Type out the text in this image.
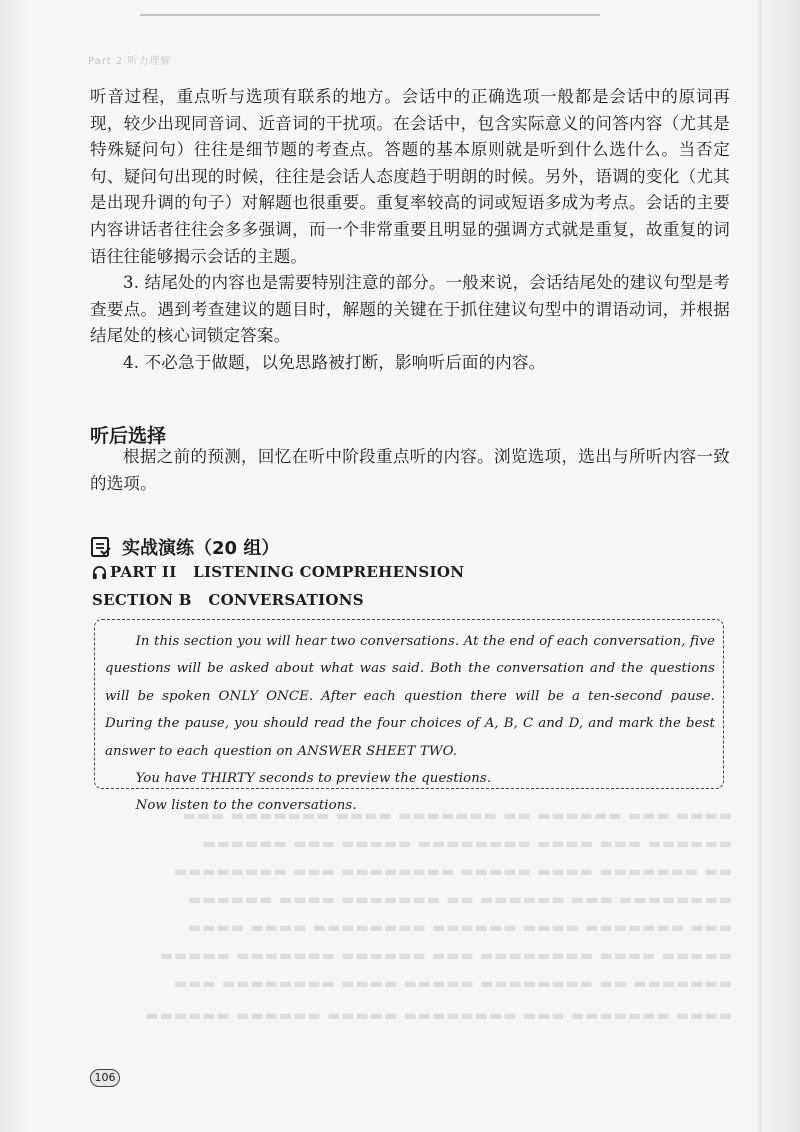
Part 2 听力理解

听音过程，重点听与选项有联系的地方。会话中的正确选项一般都是会话中的原词再现，较少出现同音词、近音词的干扰项。在会话中，包含实际意义的问答内容（尤其是特殊疑问句）往往是细节题的考查点。答题的基本原则就是听到什么选什么。当否定句、疑问句出现的时候，往往是会话人态度趋于明朗的时候。另外，语调的变化（尤其是出现升调的句子）对解题也很重要。重复率较高的词或短语多成为考点。会话的主要内容讲话者往往会多多强调，而一个非常重要且明显的强调方式就是重复，故重复的词语往往能够揭示会话的主题。

3. 结尾处的内容也是需要特别注意的部分。一般来说，会话结尾处的建议句型是考查要点。遇到考查建议的题目时，解题的关键在于抓住建议句型中的谓语动词，并根据结尾处的核心词锁定答案。

4. 不必急于做题，以免思路被打断，影响听后面的内容。

听后选择

根据之前的预测，回忆在听中阶段重点听的内容。浏览选项，选出与所听内容一致的选项。

实战演练（20 组）
PART II   LISTENING COMPREHENSION
SECTION B   CONVERSATIONS

In this section you will hear two conversations. At the end of each conversation, five questions will be asked about what was said. Both the conversation and the questions will be spoken ONLY ONCE. After each question there will be a ten-second pause. During the pause, you should read the four choices of A, B, C and D, and mark the best answer to each question on ANSWER SHEET TWO.

You have THIRTY seconds to preview the questions.

Now listen to the conversations.

▬▬▬▬ ▬▬▬ ▬▬▬▬▬▬ ▬▬ ▬▬▬▬▬▬▬ ▬▬▬▬ ▬▬▬▬▬▬▬ ▬▬▬
▬▬▬▬▬▬ ▬▬▬ ▬▬▬▬ ▬▬▬▬▬▬▬▬ ▬▬▬▬▬ ▬▬▬ ▬▬▬▬▬▬
▬▬ ▬▬▬▬▬▬▬ ▬▬▬▬ ▬▬▬▬▬ ▬▬▬▬▬▬▬▬ ▬▬▬ ▬▬▬▬▬▬▬▬
▬▬▬▬▬▬▬▬ ▬▬▬ ▬▬▬▬▬▬ ▬▬ ▬▬▬▬▬▬▬ ▬▬▬▬ ▬▬▬▬▬▬
▬▬▬ ▬▬▬▬▬▬▬ ▬▬▬▬ ▬▬▬▬▬▬ ▬▬▬▬▬▬▬▬ ▬▬▬▬ ▬▬▬▬
▬▬▬▬▬ ▬▬▬▬ ▬▬▬▬▬▬▬▬ ▬▬▬ ▬▬▬▬▬▬ ▬▬▬▬▬▬▬ ▬▬▬▬▬
▬▬▬▬▬▬▬ ▬▬ ▬▬▬▬▬▬▬▬ ▬▬▬▬▬ ▬▬▬▬ ▬▬▬▬▬▬▬▬ ▬▬▬
▬▬▬▬ ▬▬▬▬▬▬▬ ▬▬▬ ▬▬▬▬▬▬▬▬ ▬▬▬▬▬ ▬▬▬▬▬▬ ▬▬▬▬▬▬
106
